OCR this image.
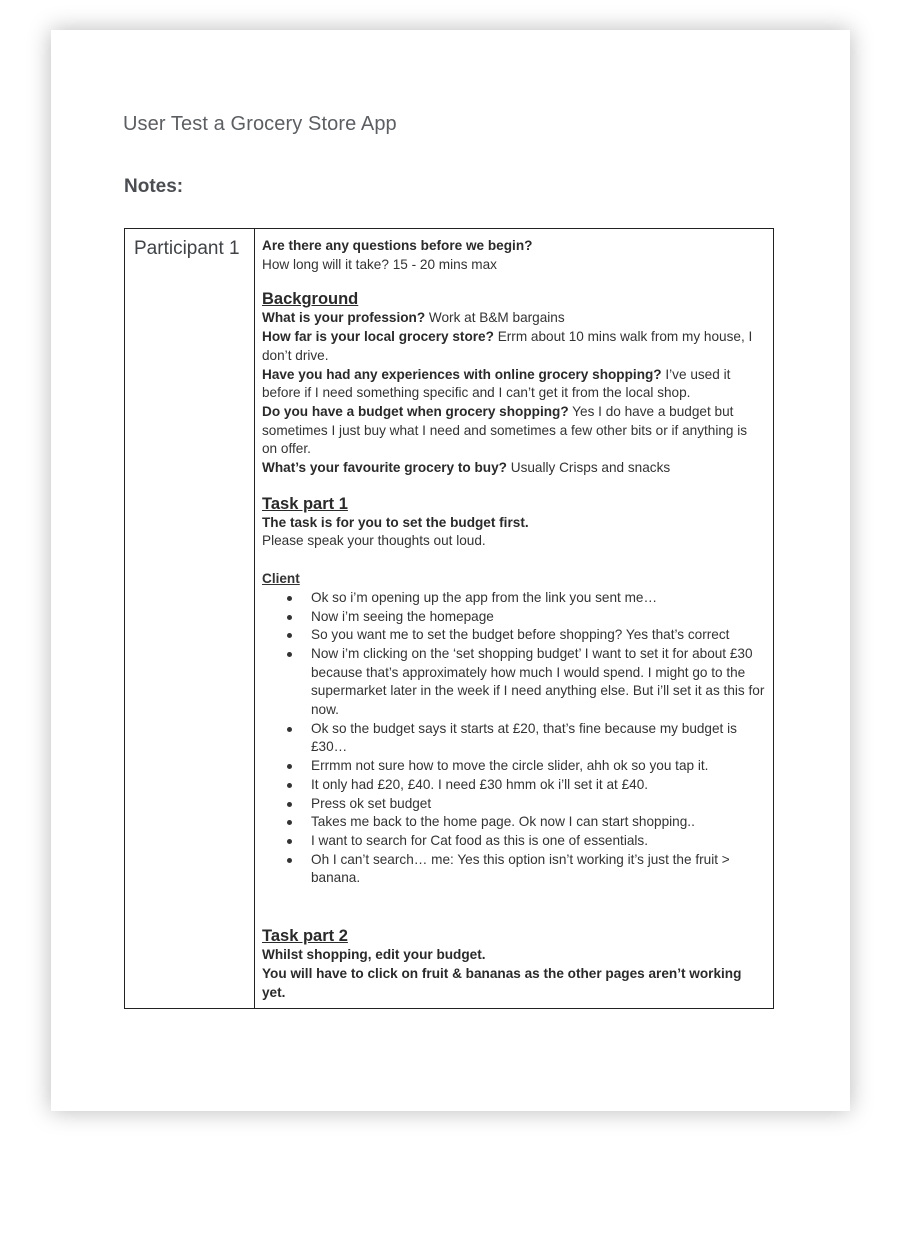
User Test a Grocery Store App
Notes:
Participant 1	Are there any questions before we begin?

How long will it take? 15 - 20 mins max

Background

What is your profession? Work at B&M bargains

How far is your local grocery store? Errm about 10 mins walk from my house, I don’t drive.

Have you had any experiences with online grocery shopping? I’ve used it before if I need something specific and I can’t get it from the local shop.

Do you have a budget when grocery shopping? Yes I do have a budget but sometimes I just buy what I need and sometimes a few other bits or if anything is on offer.

What’s your favourite grocery to buy? Usually Crisps and snacks

Task part 1

The task is for you to set the budget first.

Please speak your thoughts out loud.

Client

Ok so i’m opening up the app from the link you sent me…
Now i’m seeing the homepage
So you want me to set the budget before shopping? Yes that’s correct
Now i’m clicking on the ‘set shopping budget’ I want to set it for about £30 because that’s approximately how much I would spend. I might go to the supermarket later in the week if I need anything else. But i’ll set it as this for now.
Ok so the budget says it starts at £20, that’s fine because my budget is £30…
Errmm not sure how to move the circle slider, ahh ok so you tap it.
It only had £20, £40. I need £30 hmm ok i’ll set it at £40.
Press ok set budget
Takes me back to the home page. Ok now I can start shopping..
I want to search for Cat food as this is one of essentials.
Oh I can’t search… me: Yes this option isn’t working it’s just the fruit > banana.

Task part 2

Whilst shopping, edit your budget.

You will have to click on fruit & bananas as the other pages aren’t working yet.
